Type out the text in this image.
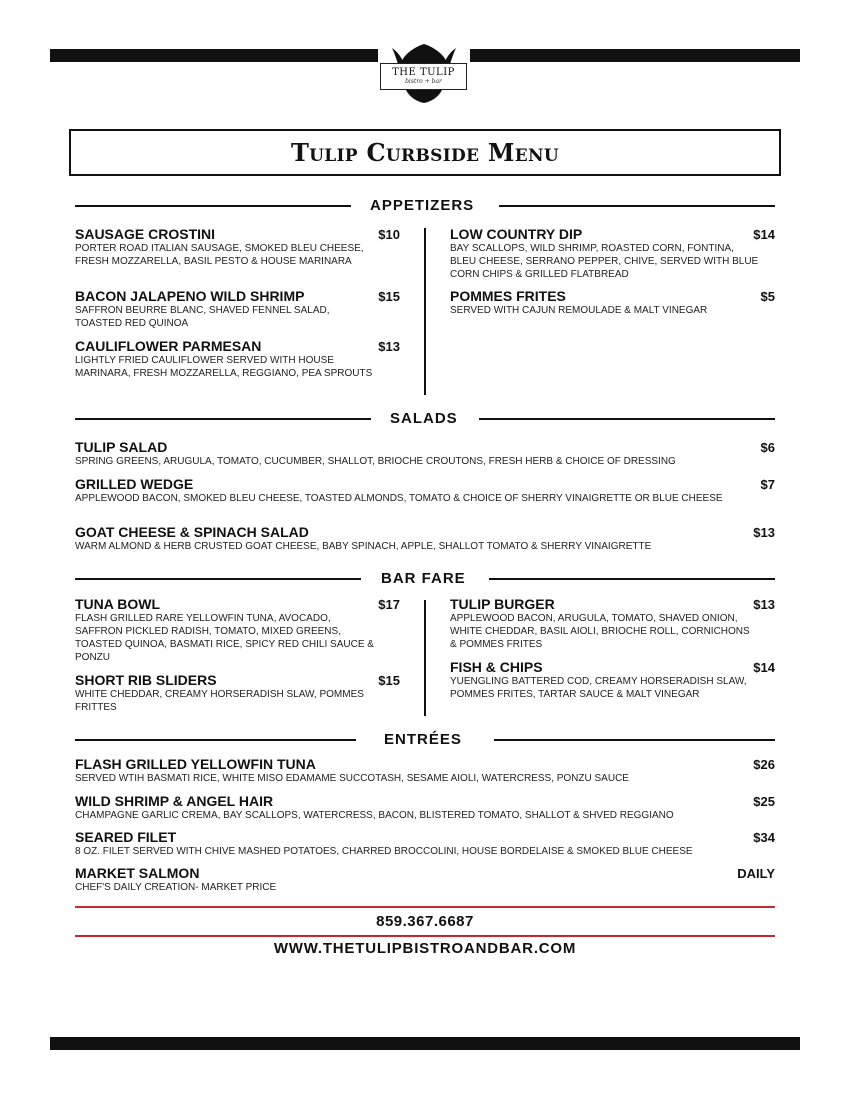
THE TULIP
bistro + bar
Tulip Curbside Menu
APPETIZERS
SAUSAGE CROSTINI	$10
PORTER ROAD ITALIAN SAUSAGE, SMOKED BLEU CHEESE, FRESH MOZZARELLA, BASIL PESTO & HOUSE MARINARA
BACON JALAPENO WILD SHRIMP	$15
SAFFRON BEURRE BLANC, SHAVED FENNEL SALAD, TOASTED RED QUINOA
CAULIFLOWER PARMESAN	$13
LIGHTLY FRIED CAULIFLOWER SERVED WITH HOUSE MARINARA, FRESH MOZZARELLA, REGGIANO, PEA SPROUTS
LOW COUNTRY DIP	$14
BAY SCALLOPS, WILD SHRIMP, ROASTED CORN, FONTINA, BLEU CHEESE, SERRANO PEPPER, CHIVE, SERVED WITH BLUE CORN CHIPS & GRILLED FLATBREAD
POMMES FRITES	$5
SERVED WITH CAJUN REMOULADE & MALT VINEGAR
SALADS
TULIP SALAD	$6
SPRING GREENS, ARUGULA, TOMATO, CUCUMBER, SHALLOT, BRIOCHE CROUTONS, FRESH HERB & CHOICE OF DRESSING
GRILLED WEDGE	$7
APPLEWOOD BACON, SMOKED BLEU CHEESE, TOASTED ALMONDS, TOMATO & CHOICE OF SHERRY VINAIGRETTE OR BLUE CHEESE
GOAT CHEESE & SPINACH SALAD	$13
WARM ALMOND & HERB CRUSTED GOAT CHEESE, BABY SPINACH, APPLE, SHALLOT TOMATO & SHERRY VINAIGRETTE
BAR FARE
TUNA BOWL	$17
FLASH GRILLED RARE YELLOWFIN TUNA, AVOCADO, SAFFRON PICKLED RADISH, TOMATO, MIXED GREENS, TOASTED QUINOA, BASMATI RICE, SPICY RED CHILI SAUCE & PONZU
SHORT RIB SLIDERS	$15
WHITE CHEDDAR, CREAMY HORSERADISH SLAW, POMMES FRITTES
TULIP BURGER	$13
APPLEWOOD BACON, ARUGULA, TOMATO, SHAVED ONION, WHITE CHEDDAR, BASIL AIOLI, BRIOCHE ROLL, CORNICHONS & POMMES FRITES
FISH & CHIPS	$14
YUENGLING BATTERED COD, CREAMY HORSERADISH SLAW, POMMES FRITES, TARTAR SAUCE & MALT VINEGAR
ENTRÉES
FLASH GRILLED YELLOWFIN TUNA	$26
SERVED WTIH BASMATI RICE, WHITE MISO EDAMAME SUCCOTASH, SESAME AIOLI, WATERCRESS, PONZU SAUCE
WILD SHRIMP & ANGEL HAIR	$25
CHAMPAGNE GARLIC CREMA, BAY SCALLOPS, WATERCRESS, BACON, BLISTERED TOMATO, SHALLOT & SHVED REGGIANO
SEARED FILET	$34
8 OZ. FILET SERVED WITH CHIVE MASHED POTATOES, CHARRED BROCCOLINI, HOUSE BORDELAISE & SMOKED BLUE CHEESE
MARKET SALMON	DAILY
CHEF'S DAILY CREATION- MARKET PRICE
859.367.6687
WWW.THETULIPBISTROANDBAR.COM
